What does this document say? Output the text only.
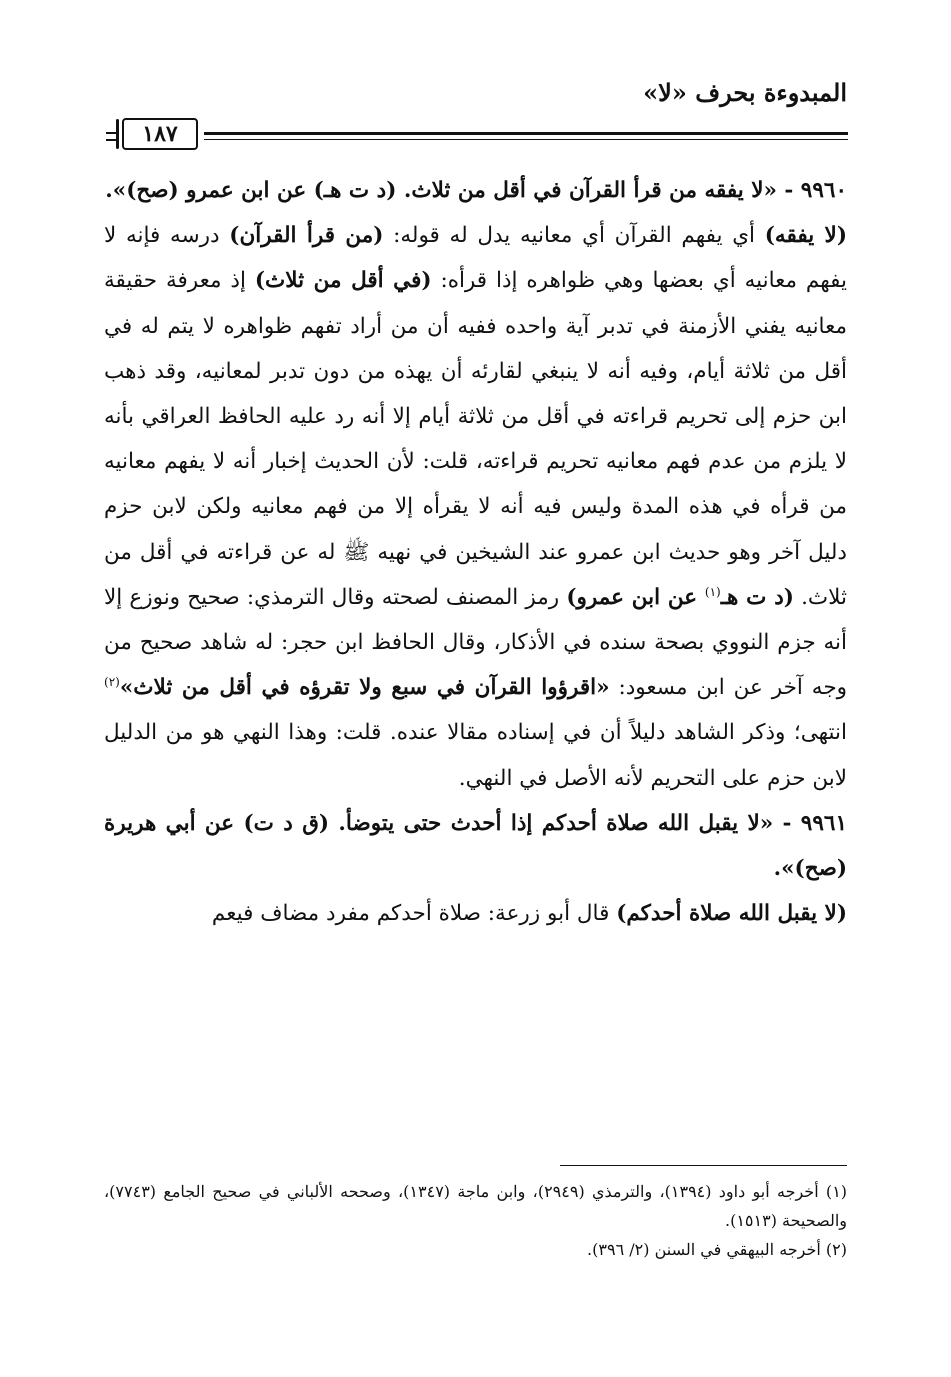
المبدوءة بحرف «لا»
١٨٧

٩٩٦٠ - «لا يفقه من قرأ القرآن في أقل من ثلاث. (د ت هـ) عن ابن عمرو (صح)».

(لا يفقه) أي يفهم القرآن أي معانيه يدل له قوله: (من قرأ القرآن) درسه فإنه لا يفهم معانيه أي بعضها وهي ظواهره إذا قرأه: (في أقل من ثلاث) إذ معرفة حقيقة معانيه يفني الأزمنة في تدبر آية واحده ففيه أن من أراد تفهم ظواهره لا يتم له في أقل من ثلاثة أيام، وفيه أنه لا ينبغي لقارئه أن يهذه من دون تدبر لمعانيه، وقد ذهب ابن حزم إلى تحريم قراءته في أقل من ثلاثة أيام إلا أنه رد عليه الحافظ العراقي بأنه لا يلزم من عدم فهم معانيه تحريم قراءته، قلت: لأن الحديث إخبار أنه لا يفهم معانيه من قرأه في هذه المدة وليس فيه أنه لا يقرأه إلا من فهم معانيه ولكن لابن حزم دليل آخر وهو حديث ابن عمرو عند الشيخين في نهيه ﷺ له عن قراءته في أقل من ثلاث. (د ت هـ$^{(١)}$ عن ابن عمرو) رمز المصنف لصحته وقال الترمذي: صحيح ونوزع إلا أنه جزم النووي بصحة سنده في الأذكار، وقال الحافظ ابن حجر: له شاهد صحيح من وجه آخر عن ابن مسعود: «اقرؤوا القرآن في سبع ولا تقرؤه في أقل من ثلاث»$^{(٢)}$ انتهى؛ وذكر الشاهد دليلاً أن في إسناده مقالا عنده. قلت: وهذا النهي هو من الدليل لابن حزم على التحريم لأنه الأصل في النهي.

٩٩٦١ - «لا يقبل الله صلاة أحدكم إذا أحدث حتى يتوضأ. (ق د ت) عن أبي هريرة (صح)».

(لا يقبل الله صلاة أحدكم) قال أبو زرعة: صلاة أحدكم مفرد مضاف فيعم

(١) أخرجه أبو داود (١٣٩٤)، والترمذي (٢٩٤٩)، وابن ماجة (١٣٤٧)، وصححه الألباني في صحيح الجامع (٧٧٤٣)، والصحيحة (١٥١٣).

(٢) أخرجه البيهقي في السنن (٢/ ٣٩٦).
